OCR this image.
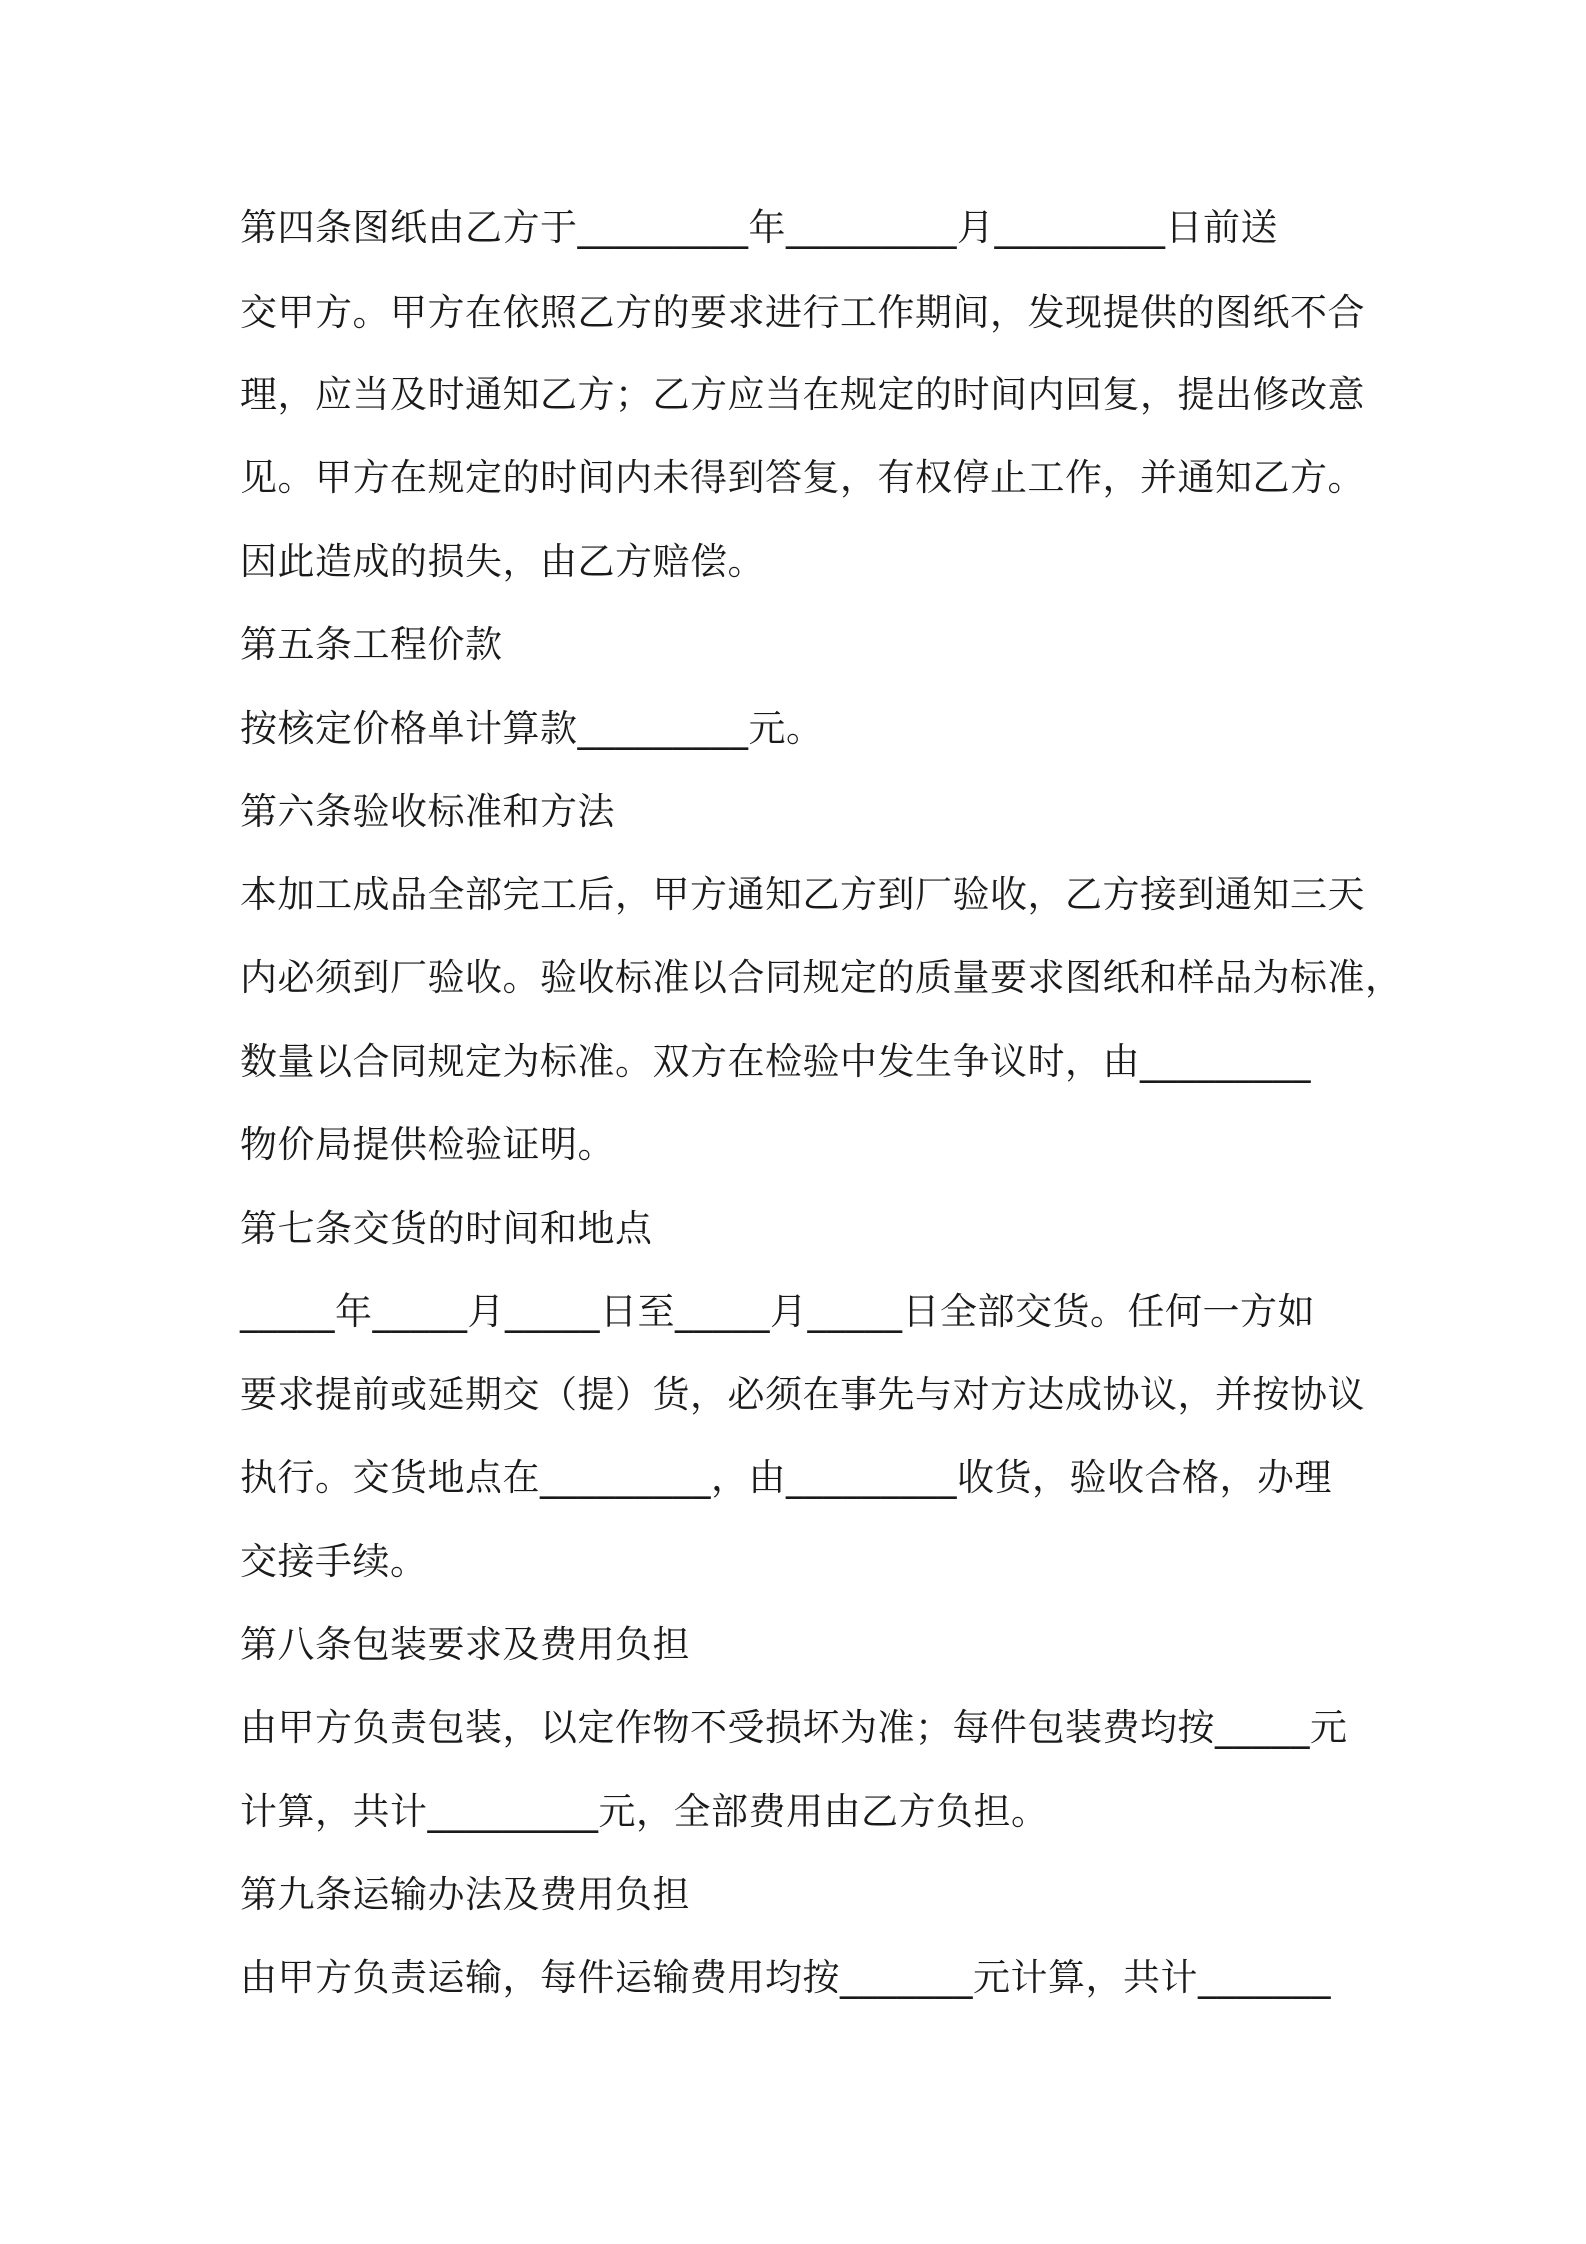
第四条图纸由乙方于_________年_________月_________日前送
交甲方。甲方在依照乙方的要求进行工作期间，发现提供的图纸不合
理，应当及时通知乙方；乙方应当在规定的时间内回复，提出修改意
见。甲方在规定的时间内未得到答复，有权停止工作，并通知乙方。
因此造成的损失，由乙方赔偿。
第五条工程价款
按核定价格单计算款_________元。
第六条验收标准和方法
本加工成品全部完工后，甲方通知乙方到厂验收，乙方接到通知三天
内必须到厂验收。验收标准以合同规定的质量要求图纸和样品为标准，
数量以合同规定为标准。双方在检验中发生争议时，由_________
物价局提供检验证明。
第七条交货的时间和地点
_____年_____月_____日至_____月_____日全部交货。任何一方如
要求提前或延期交（提）货，必须在事先与对方达成协议，并按协议
执行。交货地点在_________，由_________收货，验收合格，办理
交接手续。
第八条包装要求及费用负担
由甲方负责包装，以定作物不受损坏为准；每件包装费均按_____元
计算，共计_________元，全部费用由乙方负担。
第九条运输办法及费用负担
由甲方负责运输，每件运输费用均按_______元计算，共计_______
